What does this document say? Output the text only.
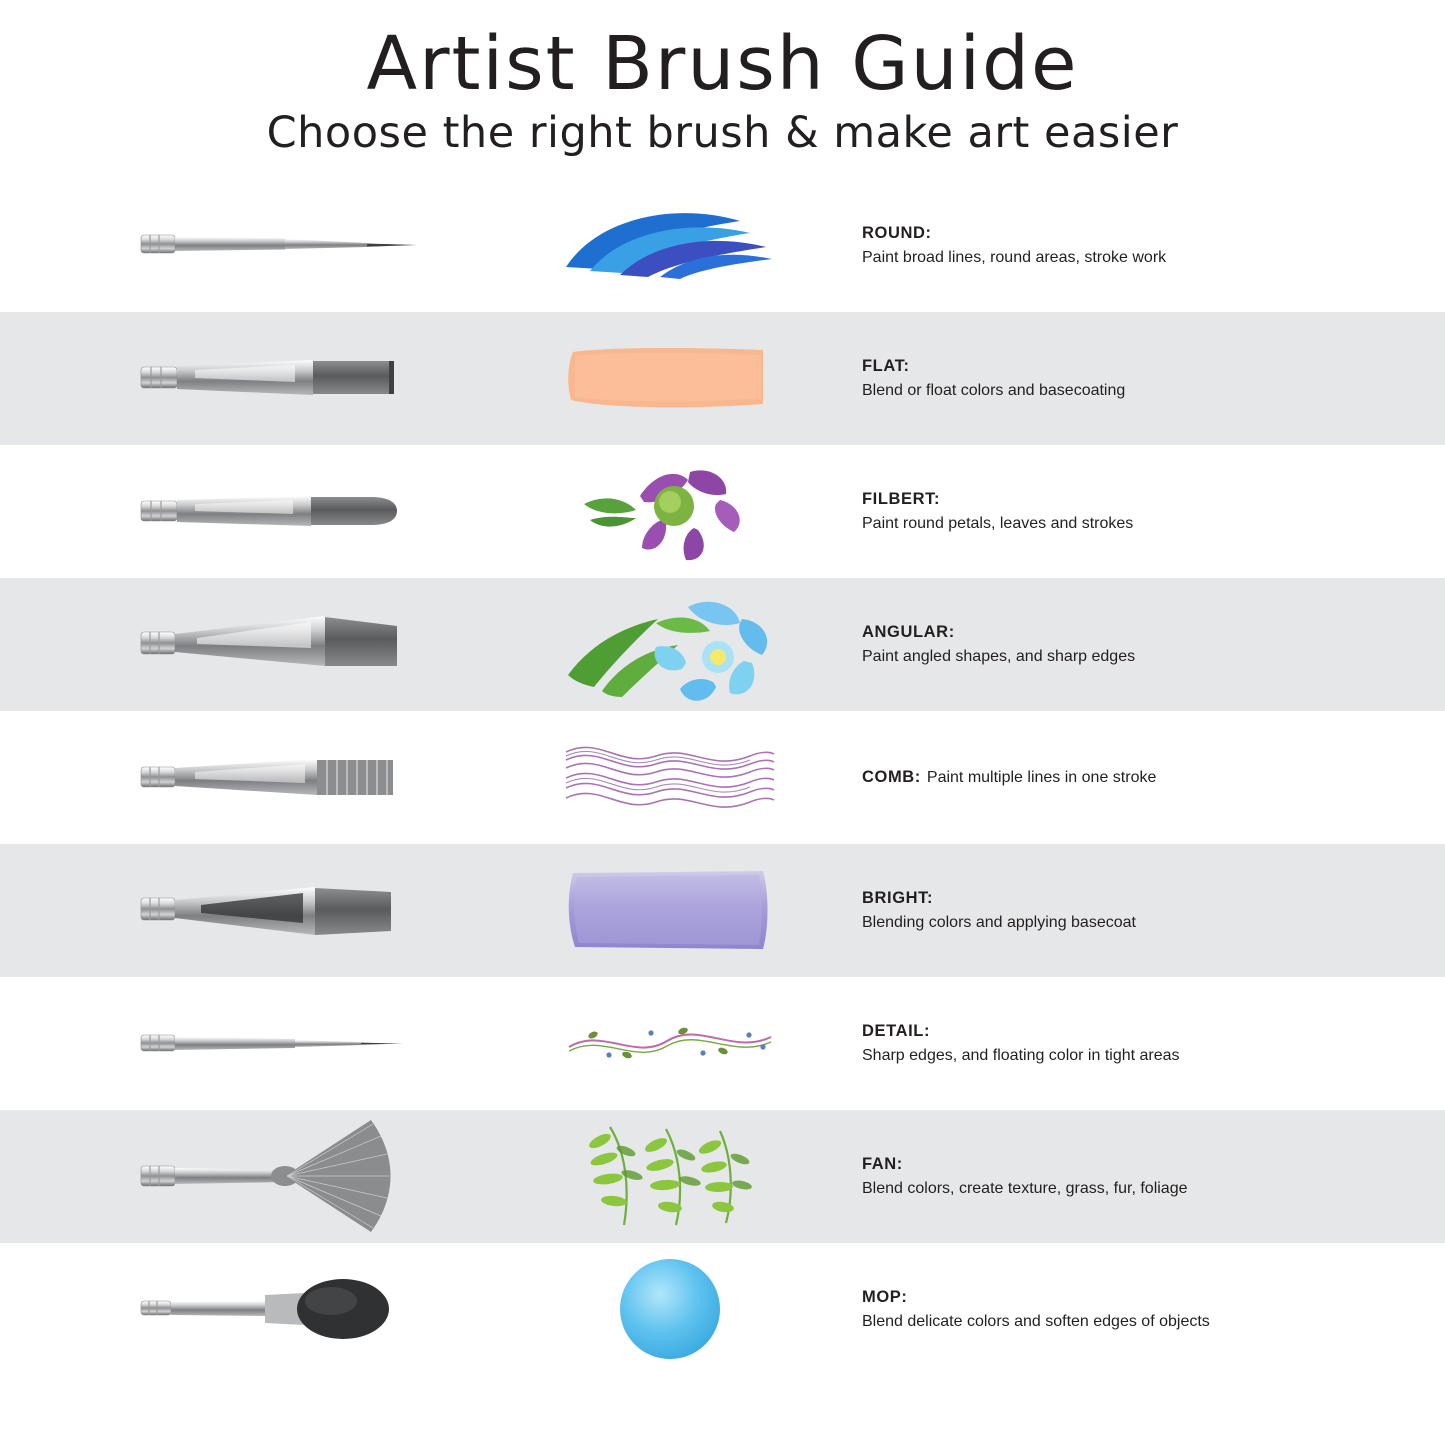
Artist Brush Guide
Choose the right brush & make art easier
ROUND:
Paint broad lines, round areas, stroke work
FLAT:
Blend or float colors and basecoating
FILBERT:
Paint round petals, leaves and strokes
ANGULAR:
Paint angled shapes, and sharp edges
COMB: Paint multiple lines in one stroke
BRIGHT:
Blending colors and applying basecoat
DETAIL:
Sharp edges, and floating color in tight areas
FAN:
Blend colors, create texture, grass, fur, foliage
MOP:
Blend delicate colors and soften edges of objects
